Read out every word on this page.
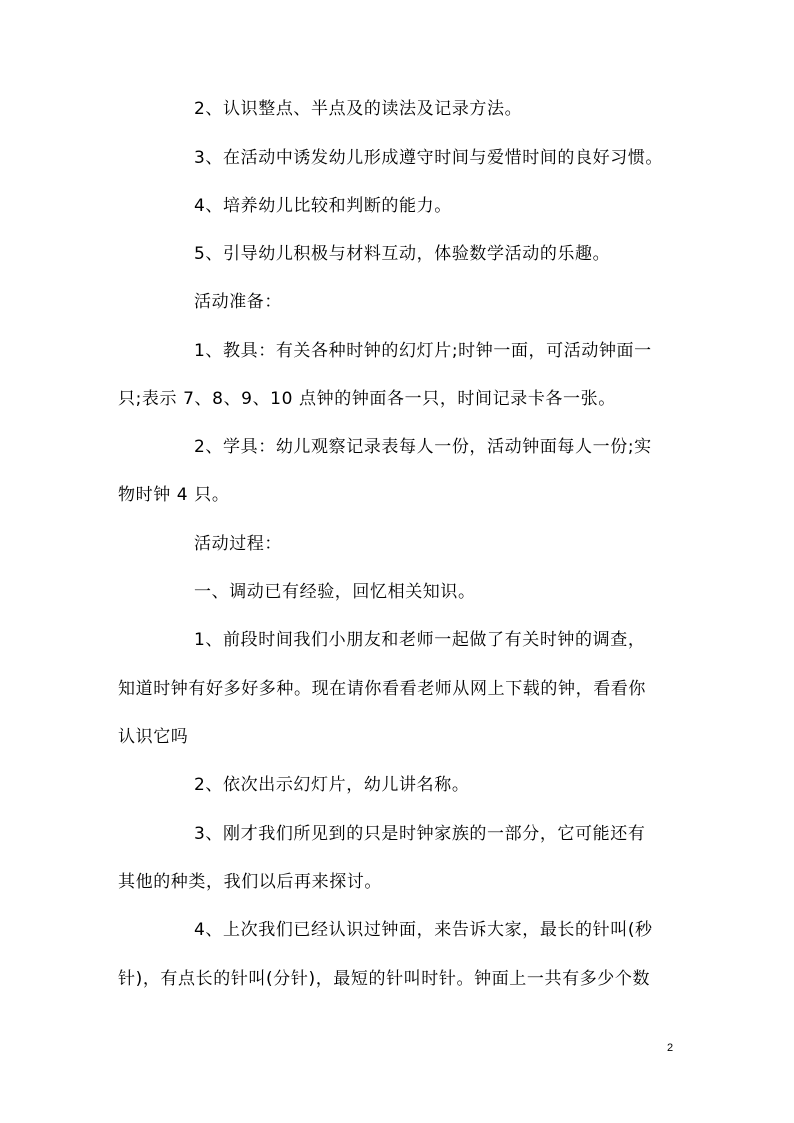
2、认识整点、半点及的读法及记录方法。
3、在活动中诱发幼儿形成遵守时间与爱惜时间的良好习惯。
4、培养幼儿比较和判断的能力。
5、引导幼儿积极与材料互动，体验数学活动的乐趣。
活动准备：
1、教具：有关各种时钟的幻灯片;时钟一面，可活动钟面一
只;表示 7、8、9、10 点钟的钟面各一只，时间记录卡各一张。
2、学具：幼儿观察记录表每人一份，活动钟面每人一份;实
物时钟 4 只。
活动过程：
一、调动已有经验，回忆相关知识。
1、前段时间我们小朋友和老师一起做了有关时钟的调查，
知道时钟有好多好多种。现在请你看看老师从网上下载的钟，看看你
认识它吗
2、依次出示幻灯片，幼儿讲名称。
3、刚才我们所见到的只是时钟家族的一部分，它可能还有
其他的种类，我们以后再来探讨。
4、上次我们已经认识过钟面，来告诉大家，最长的针叫(秒
针)，有点长的针叫(分针)，最短的针叫时针。钟面上一共有多少个数
2
